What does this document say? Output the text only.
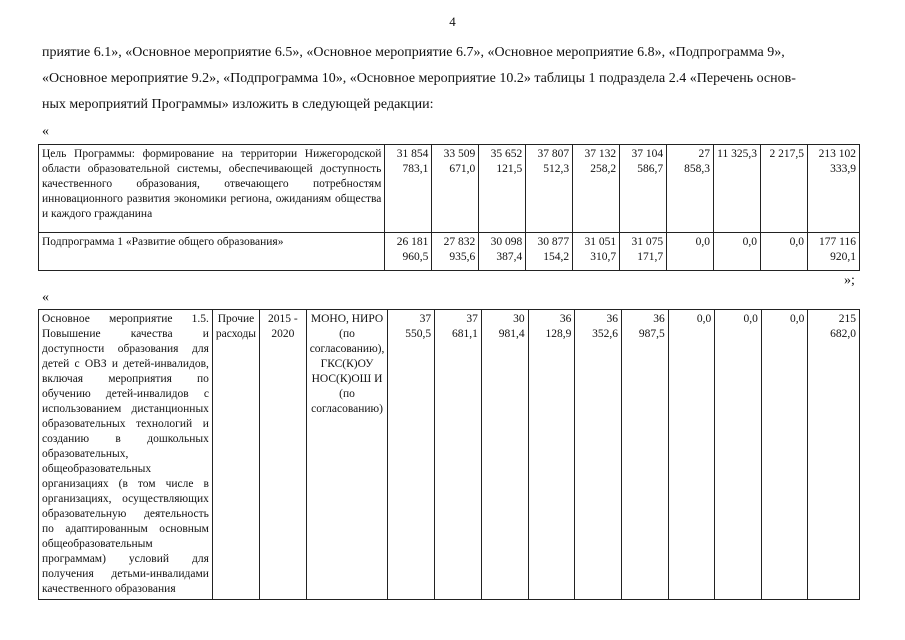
4

приятие 6.1», «Основное мероприятие 6.5», «Основное мероприятие 6.7», «Основное мероприятие 6.8», «Подпрограмма 9»,

«Основное мероприятие 9.2», «Подпрограмма 10», «Основное мероприятие 10.2» таблицы 1 подраздела 2.4 «Перечень основ-

ных мероприятий Программы» изложить в следующей редакции:

«
Цель Программы: формирование на территории Нижегородской области образовательной системы, обеспечивающей доступность качественного образования, отвечающего потребностям инновационного развития экономики региона, ожиданиям общества и каждого гражданина	31 854 783,1	33 509 671,0	35 652 121,5	37 807 512,3	37 132 258,2	37 104 586,7	27 858,3	11 325,3	2 217,5	213 102 333,9
Подпрограмма 1 «Развитие общего образования»	26 181 960,5	27 832 935,6	30 098 387,4	30 877 154,2	31 051 310,7	31 075 171,7	0,0	0,0	0,0	177 116 920,1
»;
«
Основное мероприятие 1.5. Повышение качества и доступности образования для детей с ОВЗ и детей-инвалидов, включая мероприятия по обучению детей-инвалидов с использованием дистанционных образовательных технологий и созданию в дошкольных образовательных, общеобразовательных организациях (в том числе в организациях, осуществляющих образовательную деятельность по адаптированным основным общеобразовательным программам) условий для получения детьми-инвалидами качественного образования	Прочие расходы	2015 - 2020	МОНО, НИРО (по согласованию), ГКС(К)ОУ НОС(К)ОШ И (по согласованию)	37 550,5	37 681,1	30 981,4	36 128,9	36 352,6	36 987,5	0,0	0,0	0,0	215 682,0
